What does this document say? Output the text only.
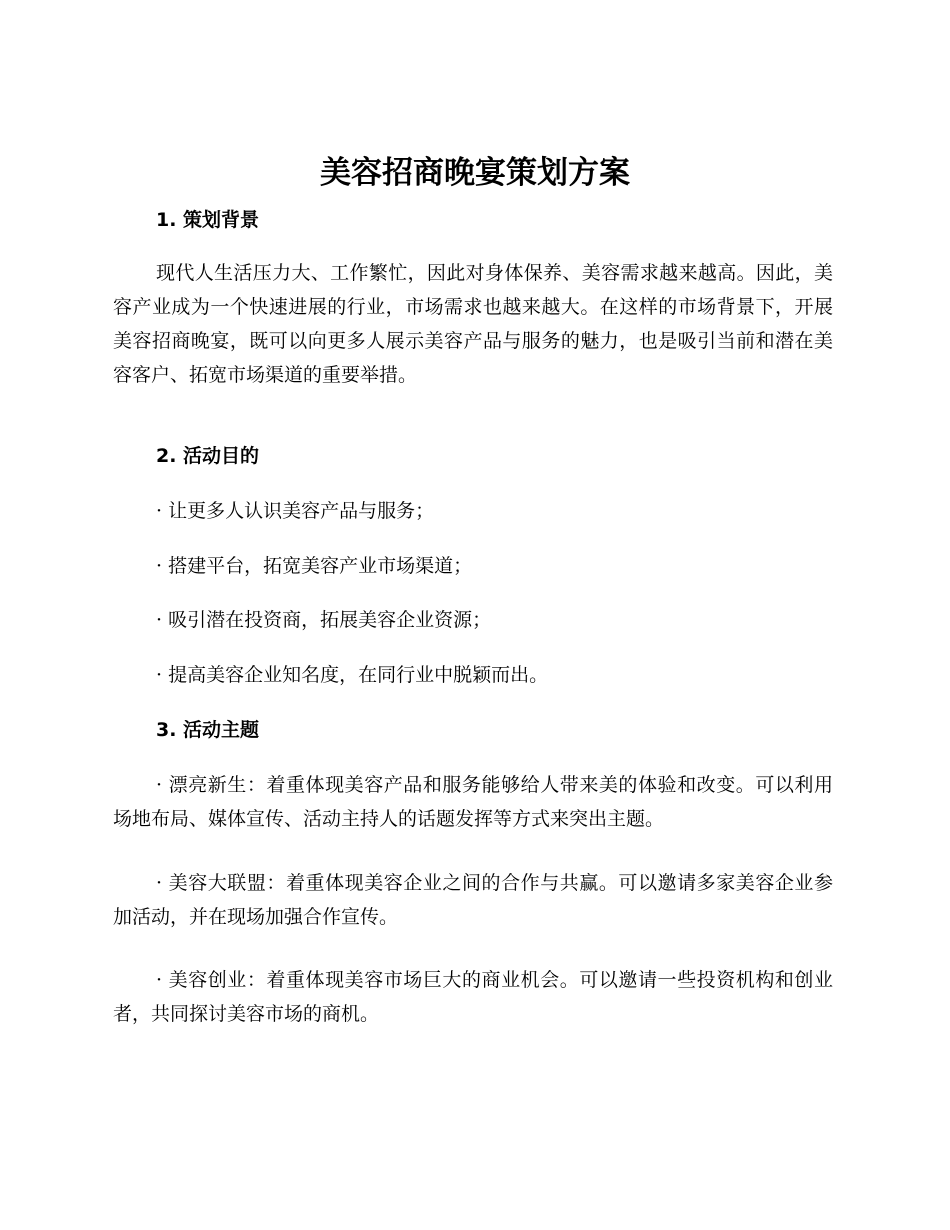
美容招商晚宴策划方案
1. 策划背景

现代人生活压力大、工作繁忙，因此对身体保养、美容需求越来越高。因此，美容产业成为一个快速进展的行业，市场需求也越来越大。在这样的市场背景下，开展美容招商晚宴，既可以向更多人展示美容产品与服务的魅力，也是吸引当前和潜在美容客户、拓宽市场渠道的重要举措。

2. 活动目的

· 让更多人认识美容产品与服务；

· 搭建平台，拓宽美容产业市场渠道；

· 吸引潜在投资商，拓展美容企业资源；

· 提高美容企业知名度，在同行业中脱颖而出。

3. 活动主题

· 漂亮新生：着重体现美容产品和服务能够给人带来美的体验和改变。可以利用场地布局、媒体宣传、活动主持人的话题发挥等方式来突出主题。

· 美容大联盟：着重体现美容企业之间的合作与共赢。可以邀请多家美容企业参加活动，并在现场加强合作宣传。

· 美容创业：着重体现美容市场巨大的商业机会。可以邀请一些投资机构和创业者，共同探讨美容市场的商机。
